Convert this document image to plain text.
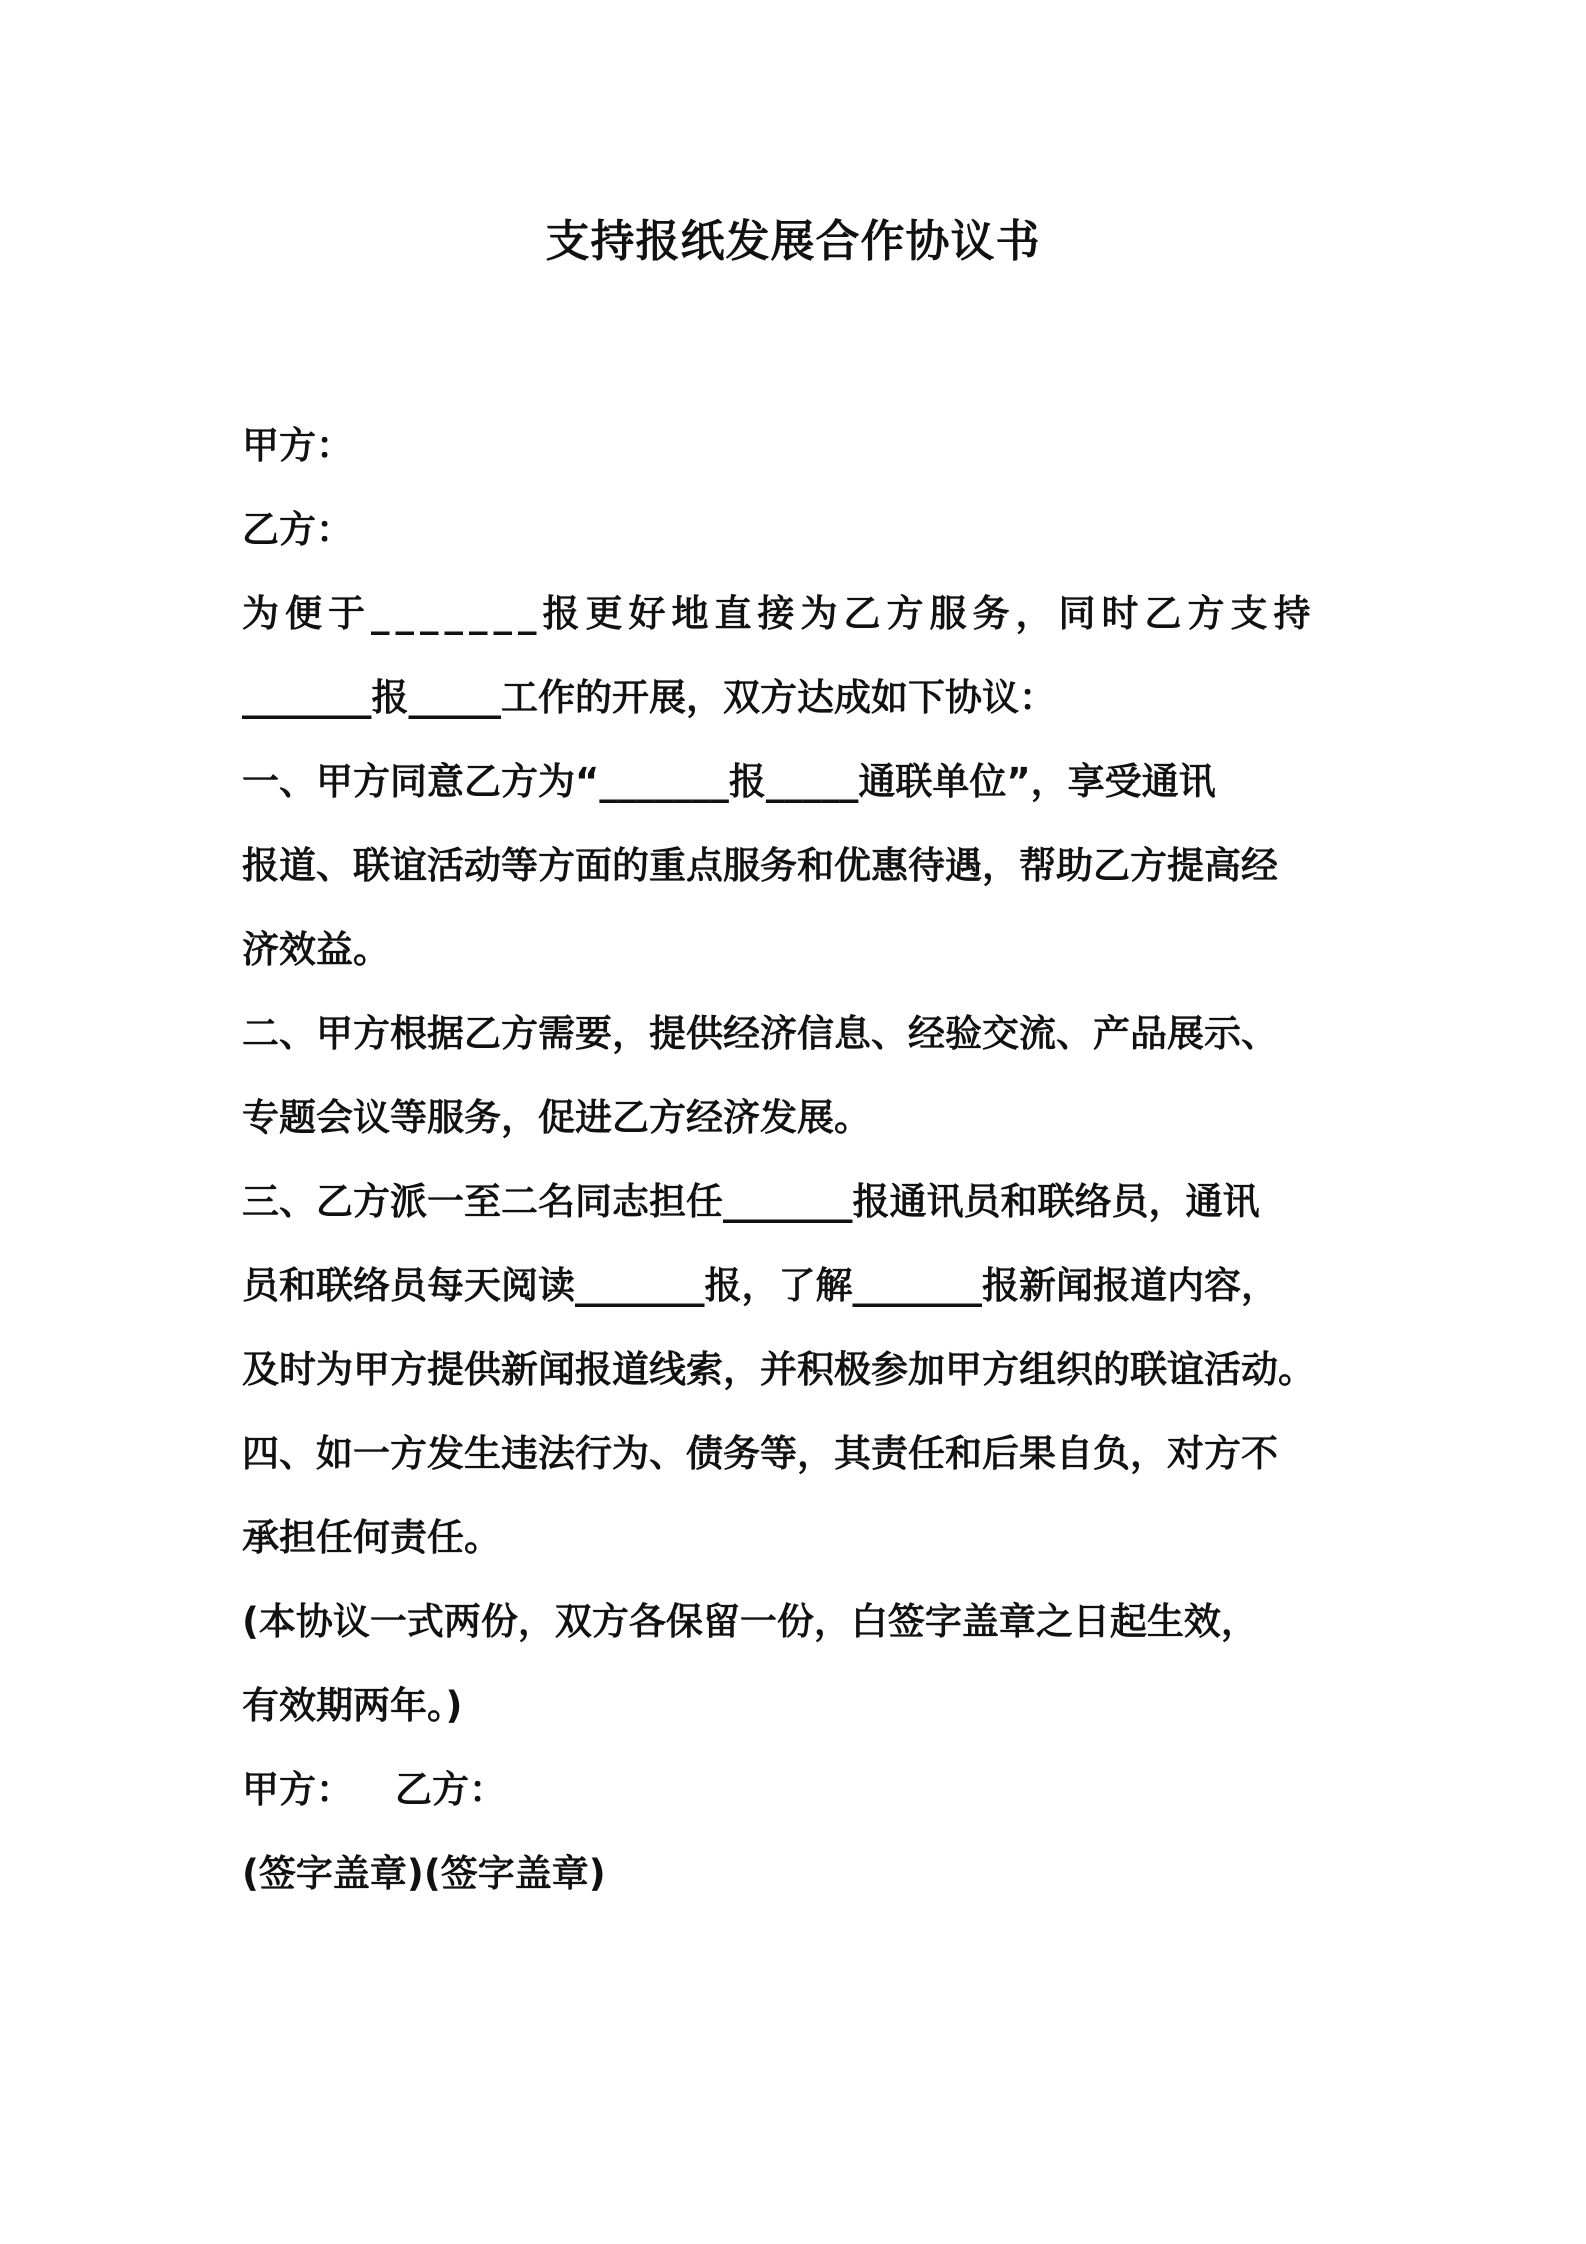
支持报纸发展合作协议书
甲方：
乙方：
为便于_______报更好地直接为乙方服务，同时乙方支持
_______报_____工作的开展，双方达成如下协议：
一、甲方同意乙方为“_______报_____通联单位”，享受通讯
报道、联谊活动等方面的重点服务和优惠待遇，帮助乙方提高经
济效益。
二、甲方根据乙方需要，提供经济信息、经验交流、产品展示、
专题会议等服务，促进乙方经济发展。
三、乙方派一至二名同志担任_______报通讯员和联络员，通讯
员和联络员每天阅读_______报，了解_______报新闻报道内容，
及时为甲方提供新闻报道线索，并积极参加甲方组织的联谊活动。
四、如一方发生违法行为、债务等，其责任和后果自负，对方不
承担任何责任。
(本协议一式两份，双方各保留一份，白签字盖章之日起生效，
有效期两年。)
甲方： 乙方：
(签字盖章)(签字盖章)
